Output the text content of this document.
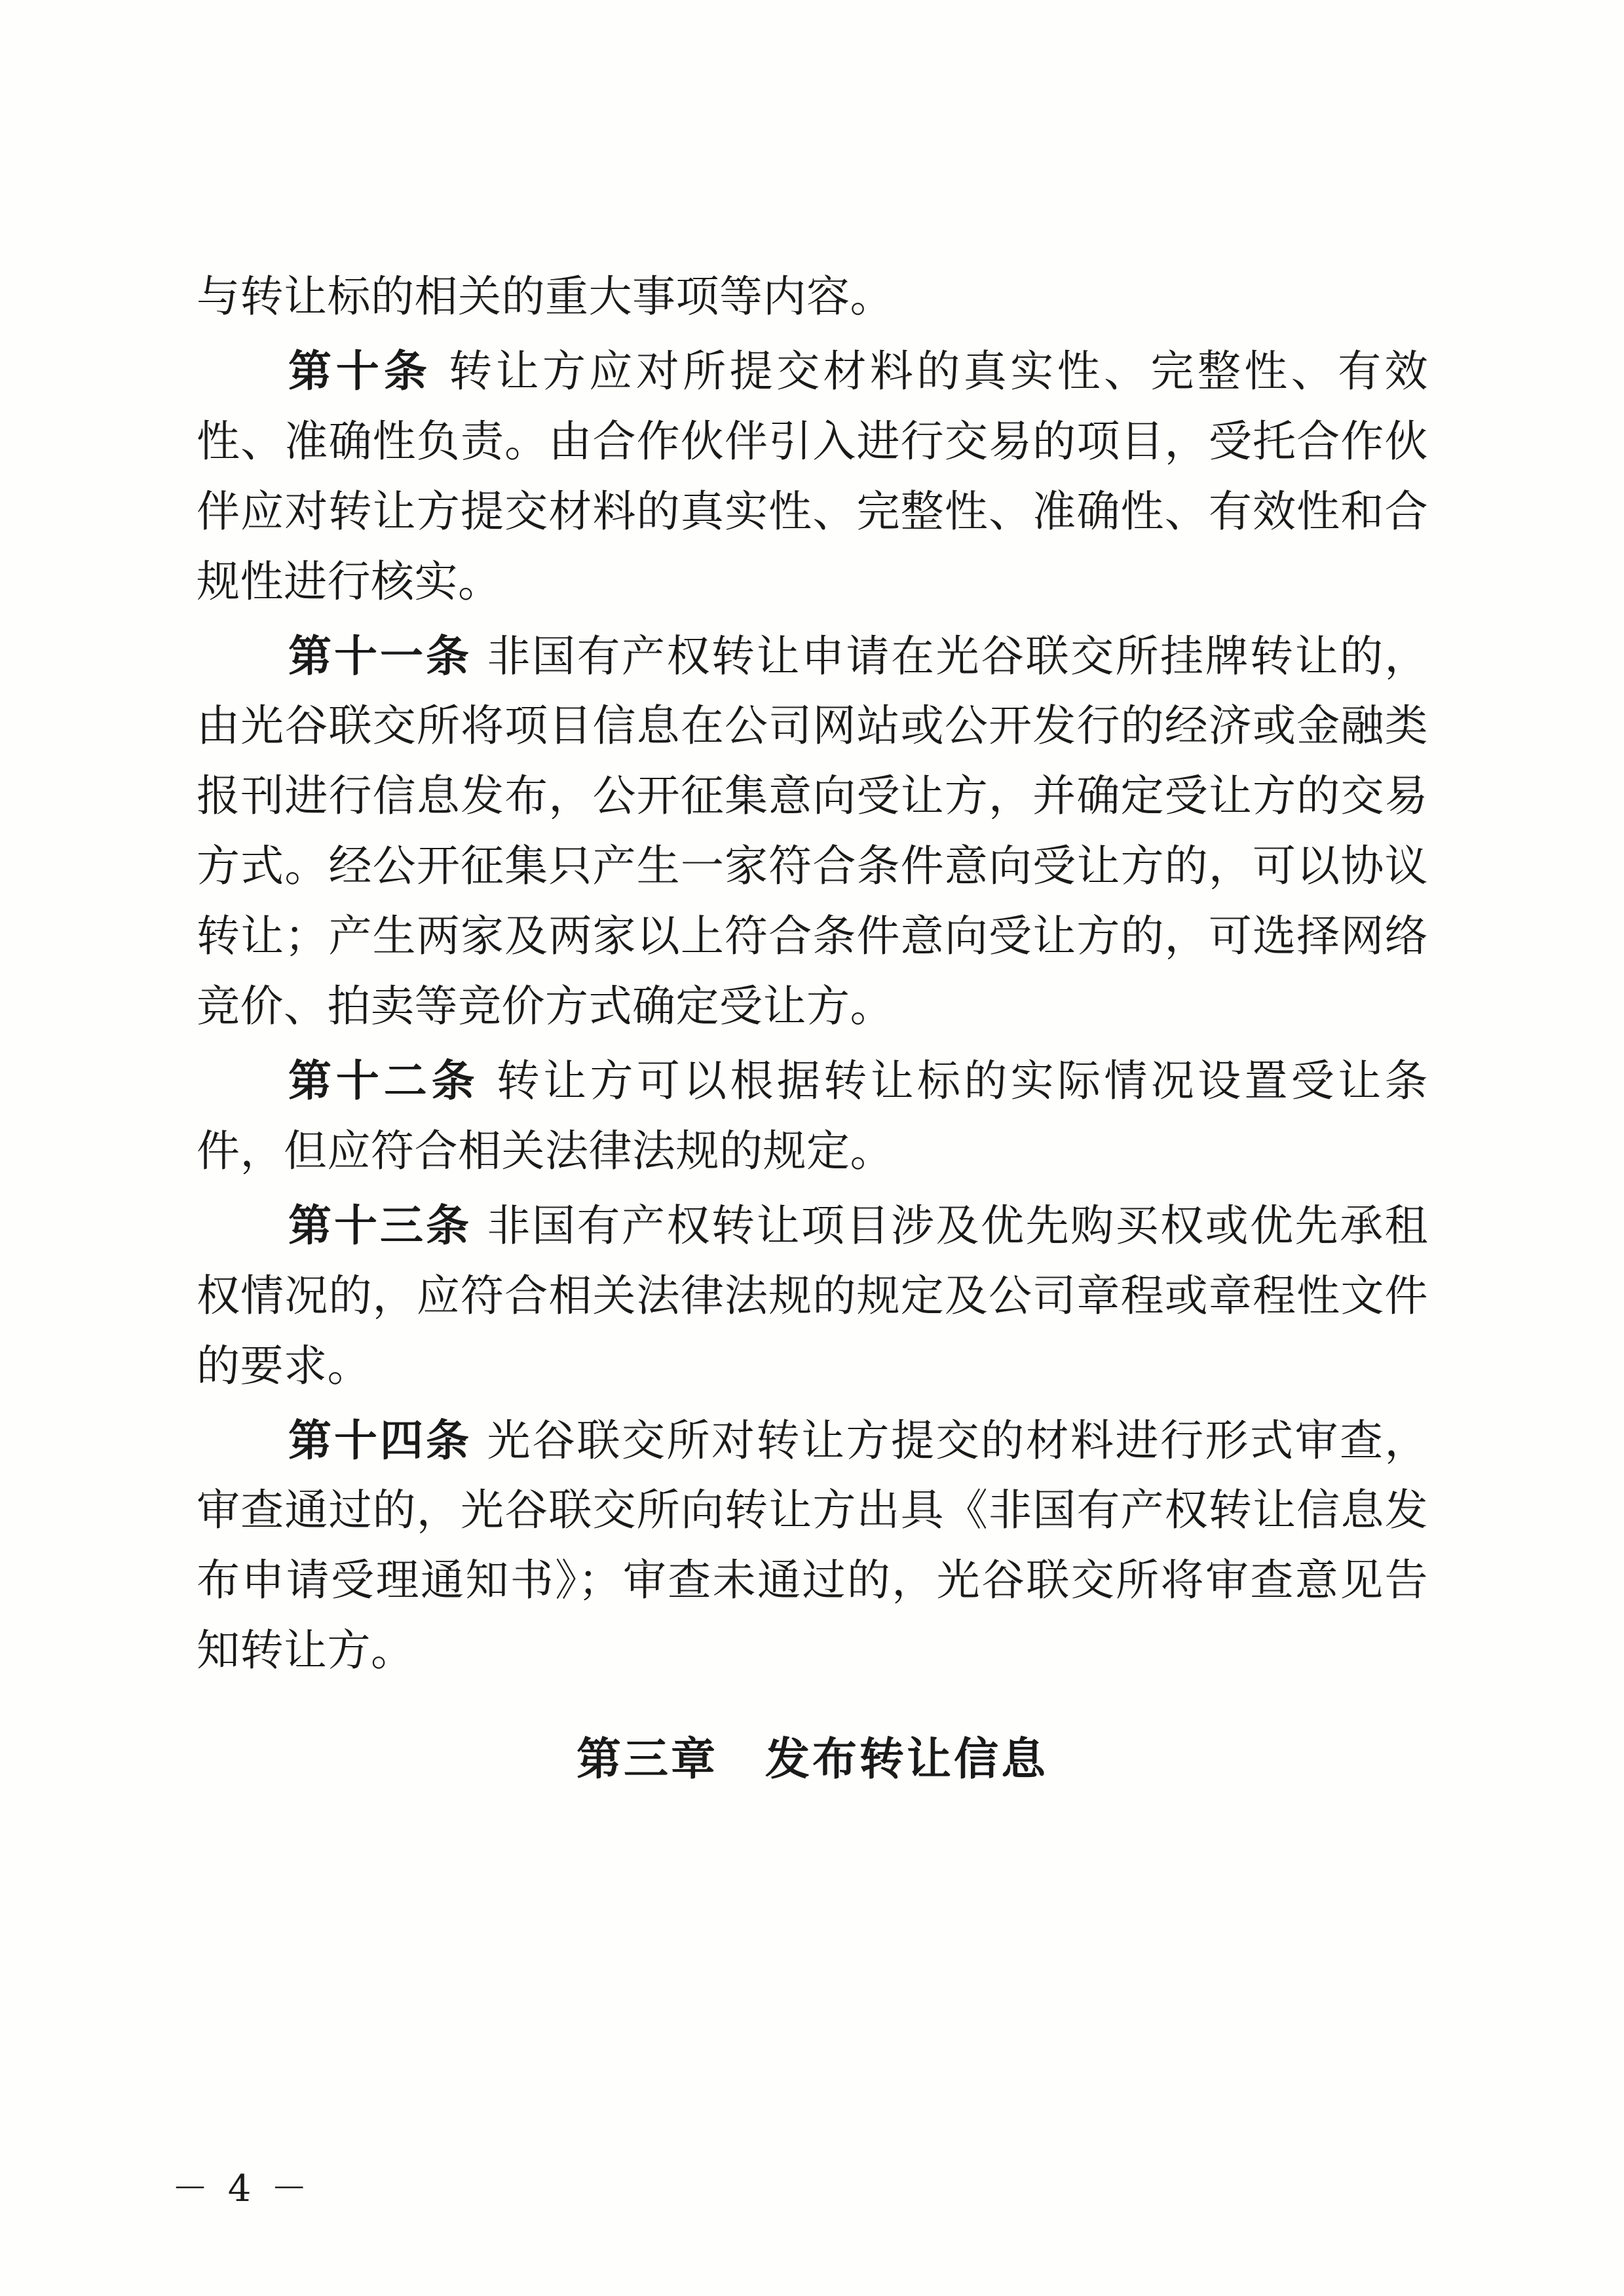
与转让标的相关的重大事项等内容。

第十条 转让方应对所提交材料的真实性、完整性、有效性、准确性负责。由合作伙伴引入进行交易的项目，受托合作伙伴应对转让方提交材料的真实性、完整性、准确性、有效性和合规性进行核实。

第十一条 非国有产权转让申请在光谷联交所挂牌转让的，由光谷联交所将项目信息在公司网站或公开发行的经济或金融类报刊进行信息发布，公开征集意向受让方，并确定受让方的交易方式。经公开征集只产生一家符合条件意向受让方的，可以协议转让；产生两家及两家以上符合条件意向受让方的，可选择网络竞价、拍卖等竞价方式确定受让方。

第十二条 转让方可以根据转让标的实际情况设置受让条件，但应符合相关法律法规的规定。

第十三条 非国有产权转让项目涉及优先购买权或优先承租权情况的，应符合相关法律法规的规定及公司章程或章程性文件的要求。

第十四条 光谷联交所对转让方提交的材料进行形式审查，审查通过的，光谷联交所向转让方出具《非国有产权转让信息发布申请受理通知书》；审查未通过的，光谷联交所将审查意见告知转让方。

第三章　发布转让信息
－ 4 －
